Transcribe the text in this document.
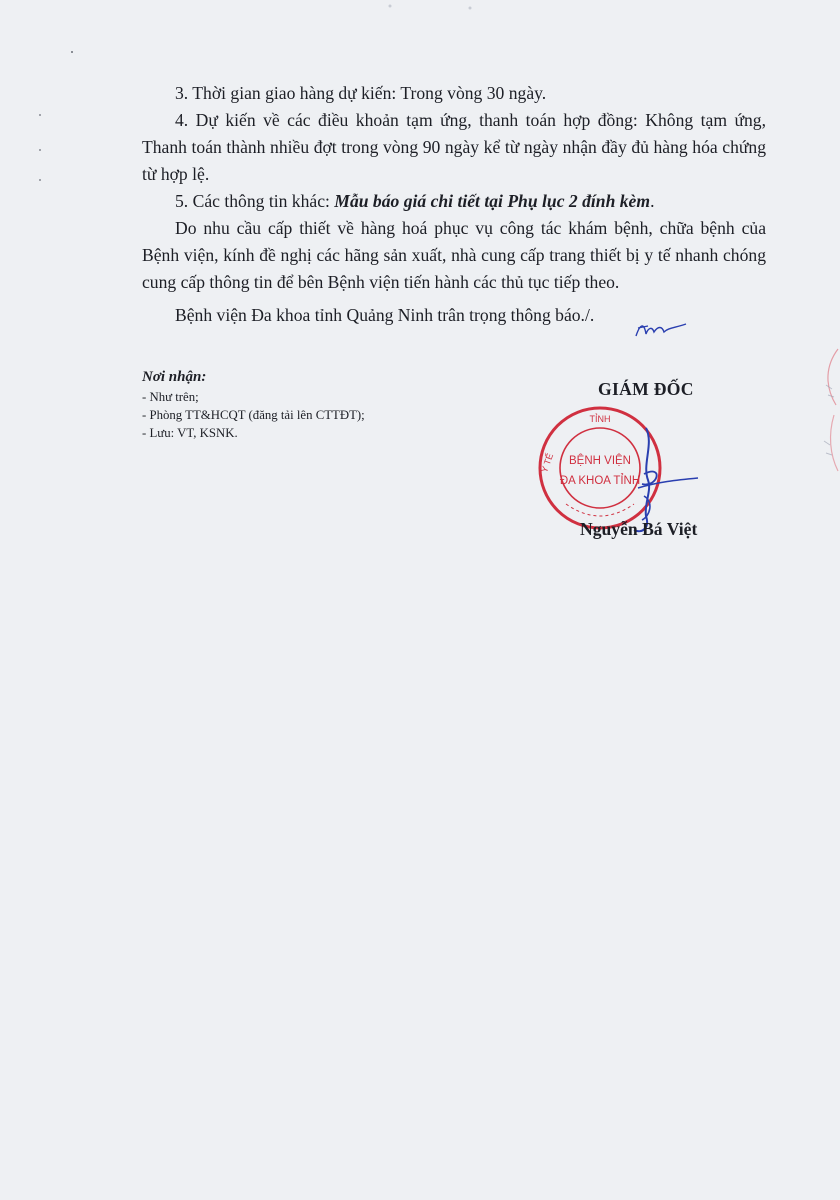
3. Thời gian giao hàng dự kiến: Trong vòng 30 ngày.

4. Dự kiến về các điều khoản tạm ứng, thanh toán hợp đồng: Không tạm ứng, Thanh toán thành nhiều đợt trong vòng 90 ngày kể từ ngày nhận đầy đủ hàng hóa chứng từ hợp lệ.

5. Các thông tin khác: Mẫu báo giá chi tiết tại Phụ lục 2 đính kèm.

Do nhu cầu cấp thiết về hàng hoá phục vụ công tác khám bệnh, chữa bệnh của Bệnh viện, kính đề nghị các hãng sản xuất, nhà cung cấp trang thiết bị y tế nhanh chóng cung cấp thông tin để bên Bệnh viện tiến hành các thủ tục tiếp theo.

Bệnh viện Đa khoa tỉnh Quảng Ninh trân trọng thông báo./.

Nơi nhận:
- Như trên;
- Phòng TT&HCQT (đăng tải lên CTTĐT);
- Lưu: VT, KSNK.
GIÁM ĐỐC
TỈNH
Y TẾ BỆNH VIỆN
ĐA KHOA TỈNH
Nguyễn Bá Việt
